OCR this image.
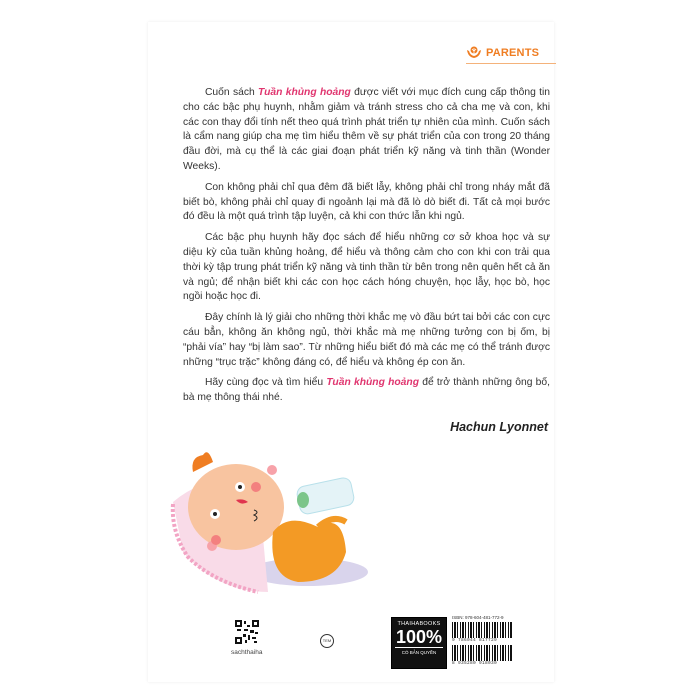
PARENTS

Cuốn sách Tuần khủng hoảng được viết với mục đích cung cấp thông tin cho các bậc phụ huynh, nhằm giảm và tránh stress cho cả cha mẹ và con, khi các con thay đổi tính nết theo quá trình phát triển tự nhiên của mình. Cuốn sách là cẩm nang giúp cha mẹ tìm hiểu thêm về sự phát triển của con trong 20 tháng đầu đời, mà cụ thể là các giai đoạn phát triển kỹ năng và tinh thần (Wonder Weeks).

Con không phải chỉ qua đêm đã biết lẫy, không phải chỉ trong nháy mắt đã biết bò, không phải chỉ quay đi ngoảnh lại mà đã lò dò biết đi. Tất cả mọi bước đó đều là một quá trình tập luyện, cả khi con thức lẫn khi ngủ.

Các bậc phụ huynh hãy đọc sách để hiểu những cơ sở khoa học và sự diệu kỳ của tuần khủng hoảng, để hiểu và thông cảm cho con khi con trải qua thời kỳ tập trung phát triển kỹ năng và tinh thần từ bên trong nên quên hết cả ăn và ngủ; để nhận biết khi các con học cách hóng chuyện, học lẫy, học bò, học ngồi hoặc học đi.

Đây chính là lý giải cho những thời khắc mẹ vò đầu bứt tai bởi các con cực cáu bẳn, không ăn không ngủ, thời khắc mà mẹ những tưởng con bị ốm, bị “phải vía” hay “bị làm sao”. Từ những hiểu biết đó mà các mẹ có thể tránh được những “trục trặc” không đáng có, để hiểu và không ép con ăn.

Hãy cùng đọc và tìm hiểu Tuần khủng hoảng để trở thành những ông bố, bà mẹ thông thái nhé.

Hachun Lyonnet
sachthaiha
TEM
THAIHABOOKS
100%
CÓ BẢN QUYỀN
ISBN: 978-604-481-772-9
9 786044 817729
8 935280 918030
